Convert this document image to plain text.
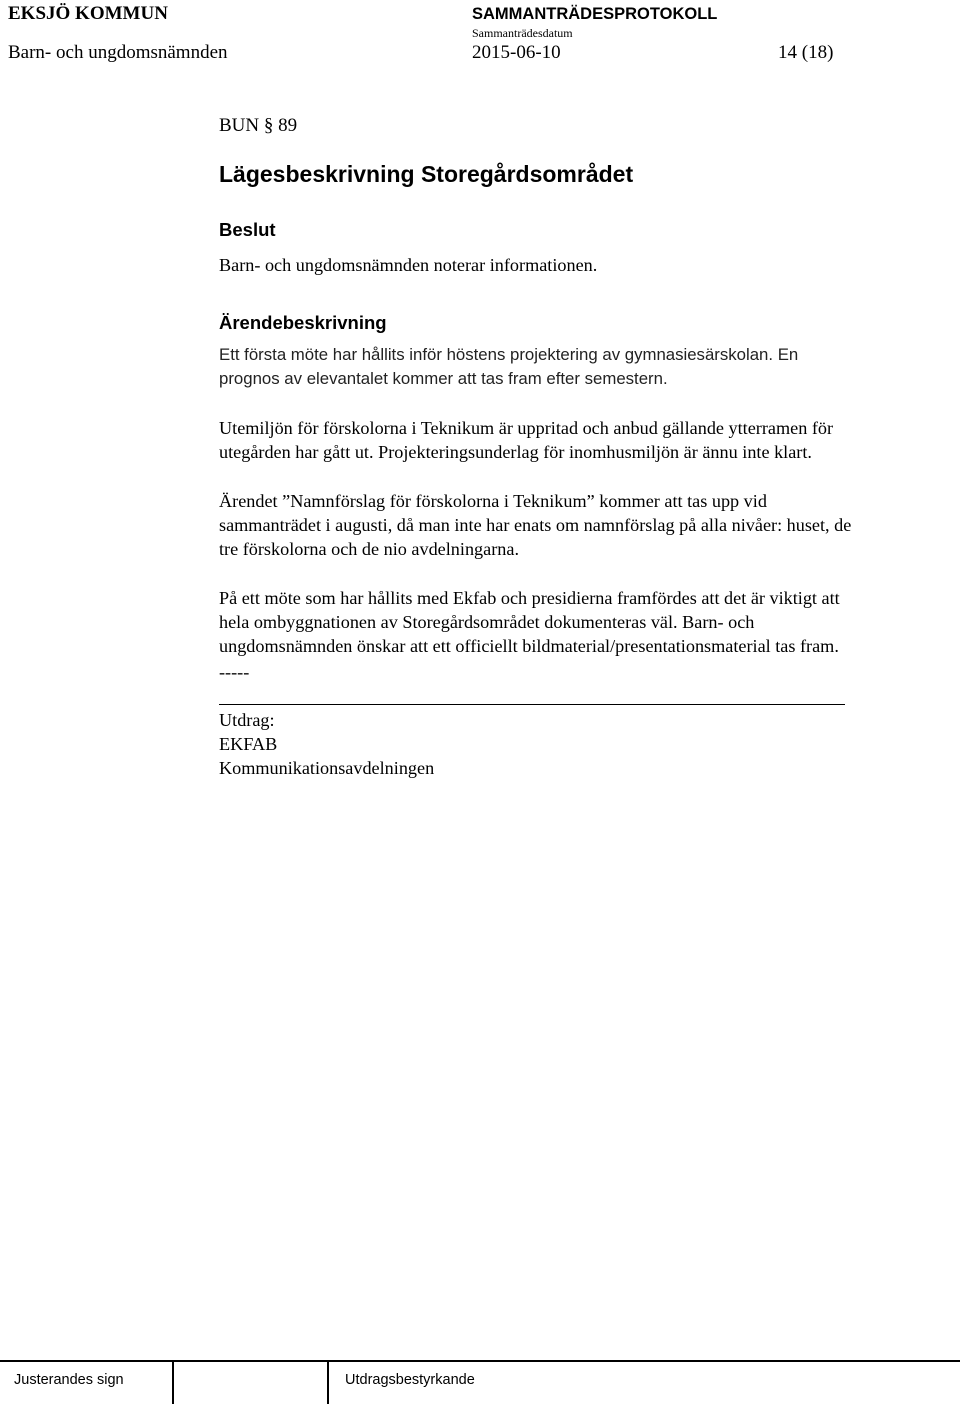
EKSJÖ KOMMUN	SAMMANTRÄDESPROTOKOLL
Sammanträdesdatum
Barn- och ungdomsnämnden	2015-06-10	14 (18)
BUN § 89
Lägesbeskrivning Storegårdsområdet
Beslut
Barn- och ungdomsnämnden noterar informationen.
Ärendebeskrivning
Ett första möte har hållits inför höstens projektering av gymnasiesärskolan. En
prognos av elevantalet kommer att tas fram efter semestern.
Utemiljön för förskolorna i Teknikum är uppritad och anbud gällande ytterramen för
utegården har gått ut. Projekteringsunderlag för inomhusmiljön är ännu inte klart.
Ärendet ”Namnförslag för förskolorna i Teknikum” kommer att tas upp vid
sammanträdet i augusti, då man inte har enats om namnförslag på alla nivåer: huset, de
tre förskolorna och de nio avdelningarna.
På ett möte som har hållits med Ekfab och presidierna framfördes att det är viktigt att
hela ombyggnationen av Storegårdsområdet dokumenteras väl. Barn- och
ungdomsnämnden önskar att ett officiellt bildmaterial/presentationsmaterial tas fram.
-----
Utdrag:
EKFAB
Kommunikationsavdelningen
Justerandes sign	Utdragsbestyrkande
